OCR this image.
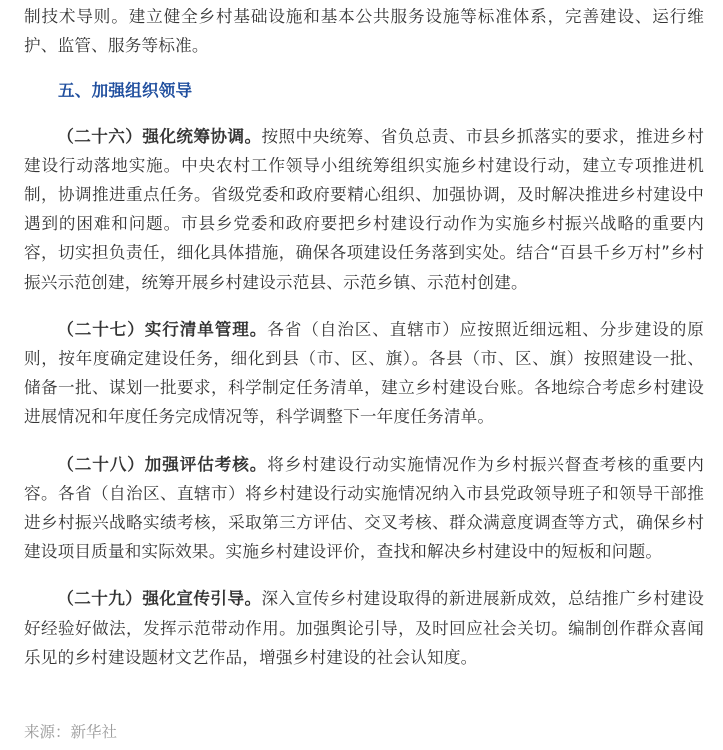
制技术导则。建立健全乡村基础设施和基本公共服务设施等标准体系，完善建设、运行维护、监管、服务等标准。

五、加强组织领导

（二十六）强化统筹协调。按照中央统筹、省负总责、市县乡抓落实的要求，推进乡村建设行动落地实施。中央农村工作领导小组统筹组织实施乡村建设行动，建立专项推进机制，协调推进重点任务。省级党委和政府要精心组织、加强协调，及时解决推进乡村建设中遇到的困难和问题。市县乡党委和政府要把乡村建设行动作为实施乡村振兴战略的重要内容，切实担负责任，细化具体措施，确保各项建设任务落到实处。结合“百县千乡万村”乡村振兴示范创建，统筹开展乡村建设示范县、示范乡镇、示范村创建。

（二十七）实行清单管理。各省（自治区、直辖市）应按照近细远粗、分步建设的原则，按年度确定建设任务，细化到县（市、区、旗）。各县（市、区、旗）按照建设一批、储备一批、谋划一批要求，科学制定任务清单，建立乡村建设台账。各地综合考虑乡村建设进展情况和年度任务完成情况等，科学调整下一年度任务清单。

（二十八）加强评估考核。将乡村建设行动实施情况作为乡村振兴督查考核的重要内容。各省（自治区、直辖市）将乡村建设行动实施情况纳入市县党政领导班子和领导干部推进乡村振兴战略实绩考核，采取第三方评估、交叉考核、群众满意度调查等方式，确保乡村建设项目质量和实际效果。实施乡村建设评价，查找和解决乡村建设中的短板和问题。

（二十九）强化宣传引导。深入宣传乡村建设取得的新进展新成效，总结推广乡村建设好经验好做法，发挥示范带动作用。加强舆论引导，及时回应社会关切。编制创作群众喜闻乐见的乡村建设题材文艺作品，增强乡村建设的社会认知度。

来源：新华社
